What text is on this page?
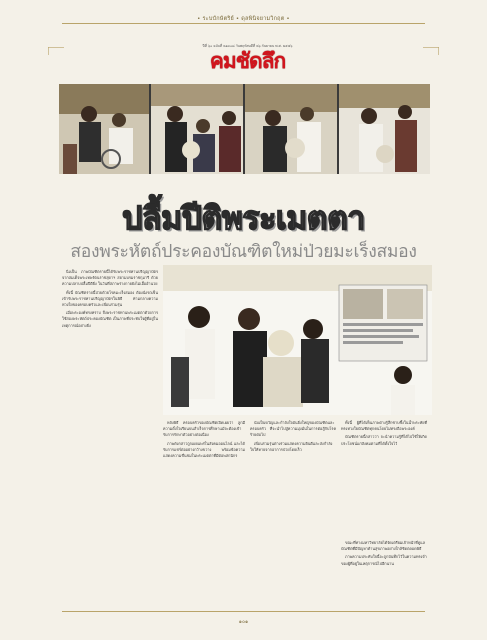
• ระบบักษัตริย์ • ดุลพินิจยามวิกฤต •
ปีที่ ๖๐ ฉบับที่ ๒๑๓๐๘ วันพฤหัสบดีที่ ๒๖ กันยายน พ.ศ. ๒๕๕๖
คมชัดลึก
ปลื้มปีติพระเมตตา
สองพระหัตถ์ประคองบัณฑิตใหม่ป่วยมะเร็งสมอง

นิ่งเป็น ภาพบัณฑิตรายนี้ได้รับพระราชทานปริญญาบัตรจากสมเด็จพระเทพรัตนราชสุดาฯ สยามบรมราชกุมารี ด้วยความปลาบปลื้มปีติยิ่ง ในวันที่สภาพร่างกายยังไม่เอื้ออำนวย

ทั้งนี้ บัณฑิตรายนี้ป่วยด้วยโรคมะเร็งสมอง ต้องนั่งรถเข็นเข้ารับพระราชทานปริญญาบัตรในพิธี ท่ามกลางความห่วงใยของครอบครัวและเพื่อนร่วมรุ่น

เมื่อพระองค์ทรงทราบ จึงพระราชทานพระเมตตาด้วยการใช้สองพระหัตถ์ประคองบัณฑิต เป็นภาพที่ประทับใจผู้ที่อยู่ในเหตุการณ์อย่างยิ่ง

หลังพิธี ครอบครัวของบัณฑิตเปิดเผยว่า ลูกมีความตั้งใจเรียนจนสำเร็จการศึกษาแม้จะต้องเข้ารับการรักษาตัวอย่างต่อเนื่อง

ภาพดังกล่าวถูกเผยแพร่ในสังคมออนไลน์ และได้รับการแชร์ต่ออย่างกว้างขวาง พร้อมข้อความแสดงความชื่นชมในพระเมตตาที่มีต่อพสกนิกร

นับเป็นขวัญและกำลังใจอันยิ่งใหญ่ของบัณฑิตและครอบครัว ที่จะนำไปสู่ความมุ่งมั่นในการต่อสู้กับโรคร้ายต่อไป

เพื่อนร่วมรุ่นต่างร่วมแสดงความยินดีและส่งกำลังใจให้หายจากอาการป่วยโดยเร็ว

ทั้งนี้ ผู้ที่ได้เห็นภาพต่างรู้สึกซาบซึ้งในน้ำพระทัยที่ทรงห่วงใยบัณฑิตทุกคนโดยไม่ทรงถือพระองค์

บัณฑิตรายนี้กล่าวว่า จะนำความรู้ที่ได้ไปใช้ให้เกิดประโยชน์แก่สังคมตามที่ได้ตั้งใจไว้

ขณะที่ทางมหาวิทยาลัยได้จัดเตรียมเจ้าหน้าที่ดูแลบัณฑิตที่มีปัญหาด้านสุขภาพอย่างใกล้ชิดตลอดพิธี

ภาพความประทับใจนี้จะถูกบันทึกไว้ในความทรงจำของผู้ที่อยู่ในเหตุการณ์ไปอีกนาน

๑๐๑
